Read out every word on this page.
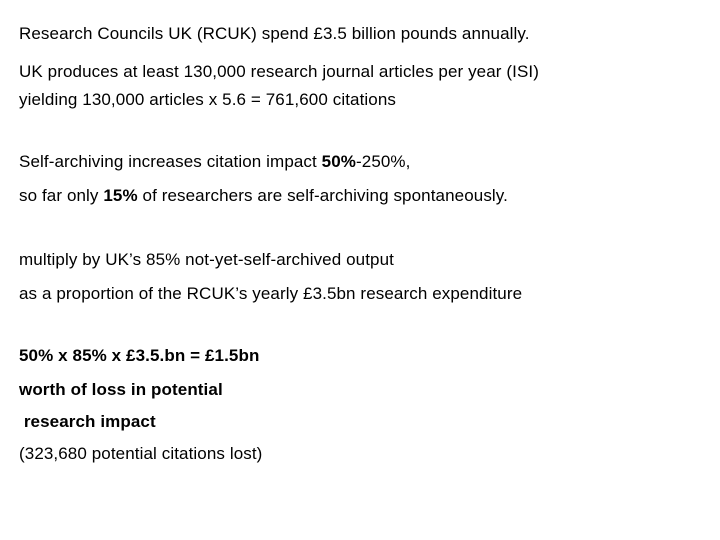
Research Councils UK (RCUK) spend £3.5 billion pounds annually.
UK produces at least 130,000 research journal articles per year (ISI)
yielding 130,000 articles x 5.6 = 761,600 citations
Self-archiving increases citation impact 50%-250%,
so far only 15% of researchers are self-archiving spontaneously.
multiply by UK’s 85% not-yet-self-archived output
as a proportion of the RCUK’s yearly £3.5bn research expenditure
50% x 85% x £3.5.bn = £1.5bn
worth of loss in potential
research impact
(323,680 potential citations lost)
